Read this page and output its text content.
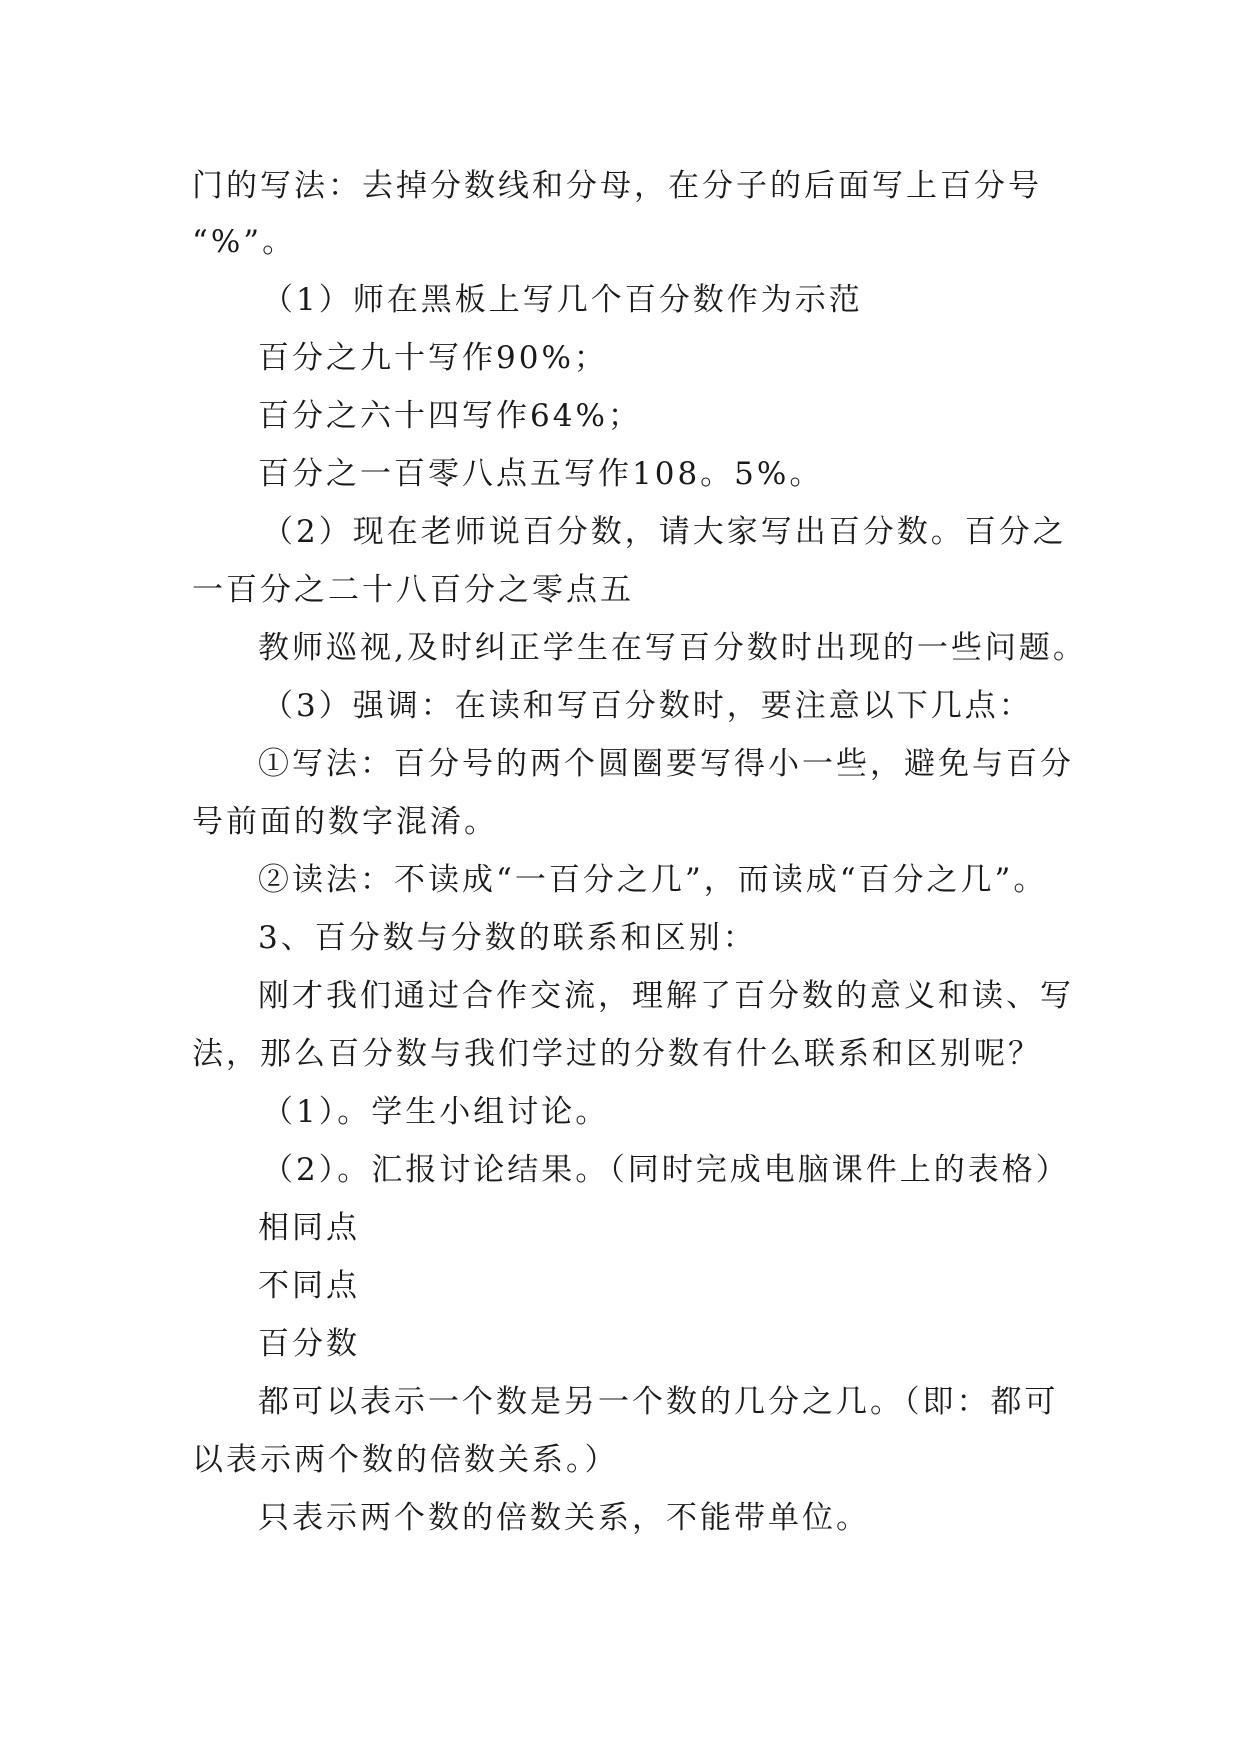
门的写法：去掉分数线和分母，在分子的后面写上百分号
“%”。
（1）师在黑板上写几个百分数作为示范
百分之九十写作90%；
百分之六十四写作64%；
百分之一百零八点五写作108。5%。
（2）现在老师说百分数，请大家写出百分数。百分之
一百分之二十八百分之零点五
教师巡视,及时纠正学生在写百分数时出现的一些问题。
（3）强调：在读和写百分数时，要注意以下几点：
①写法：百分号的两个圆圈要写得小一些，避免与百分
号前面的数字混淆。
②读法：不读成“一百分之几”，而读成“百分之几”。
3、百分数与分数的联系和区别：
刚才我们通过合作交流，理解了百分数的意义和读、写
法，那么百分数与我们学过的分数有什么联系和区别呢？
（1）。学生小组讨论。
（2）。汇报讨论结果。（同时完成电脑课件上的表格）
相同点
不同点
百分数
都可以表示一个数是另一个数的几分之几。（即：都可
以表示两个数的倍数关系。）
只表示两个数的倍数关系，不能带单位。
